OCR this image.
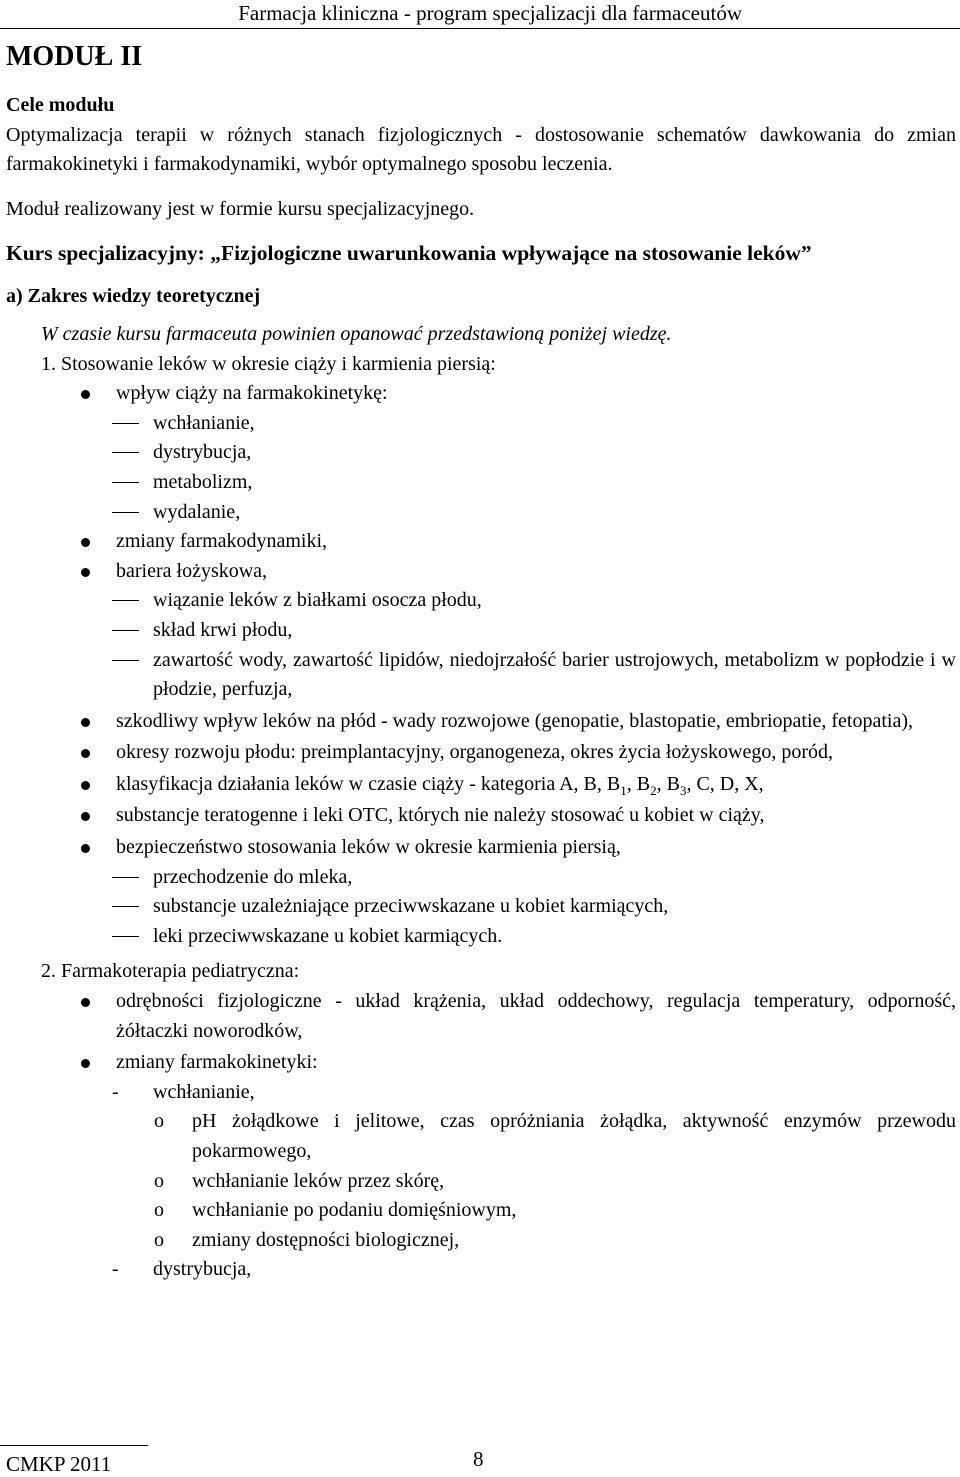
Farmacja kliniczna - program specjalizacji dla farmaceutów
MODUŁ II
Cele modułu
Optymalizacja terapii w różnych stanach fizjologicznych - dostosowanie schematów dawkowania do zmian farmakokinetyki i farmakodynamiki, wybór optymalnego sposobu leczenia.
Moduł realizowany jest w formie kursu specjalizacyjnego.
Kurs specjalizacyjny: „Fizjologiczne uwarunkowania wpływające na stosowanie leków”
a) Zakres wiedzy teoretycznej
W czasie kursu farmaceuta powinien opanować przedstawioną poniżej wiedzę.
1. Stosowanie leków w okresie ciąży i karmienia piersią:
wpływ ciąży na farmakokinetykę:
wchłanianie,
dystrybucja,
metabolizm,
wydalanie,
zmiany farmakodynamiki,
bariera łożyskowa,
wiązanie leków z białkami osocza płodu,
skład krwi płodu,
zawartość wody, zawartość lipidów, niedojrzałość barier ustrojowych, metabolizm w popłodzie i w płodzie, perfuzja,
szkodliwy wpływ leków na płód - wady rozwojowe (genopatie, blastopatie, embriopatie, fetopatia),
okresy rozwoju płodu: preimplantacyjny, organogeneza, okres życia łożyskowego, poród,
klasyfikacja działania leków w czasie ciąży - kategoria A, B, $B_1$, $B_2$, $B_3$, C, D, X,
substancje teratogenne i leki OTC, których nie należy stosować u kobiet w ciąży,
bezpieczeństwo stosowania leków w okresie karmienia piersią,
przechodzenie do mleka,
substancje uzależniające przeciwwskazane u kobiet karmiących,
leki przeciwwskazane u kobiet karmiących.
2. Farmakoterapia pediatryczna:
odrębności fizjologiczne - układ krążenia, układ oddechowy, regulacja temperatury, odporność, żółtaczki noworodków,
zmiany farmakokinetyki:
- wchłanianie,
o pH żołądkowe i jelitowe, czas opróżniania żołądka, aktywność enzymów przewodu pokarmowego,
o wchłanianie leków przez skórę,
o wchłanianie po podaniu domięśniowym,
o zmiany dostępności biologicznej,
- dystrybucja,
CMKP 2011	8
